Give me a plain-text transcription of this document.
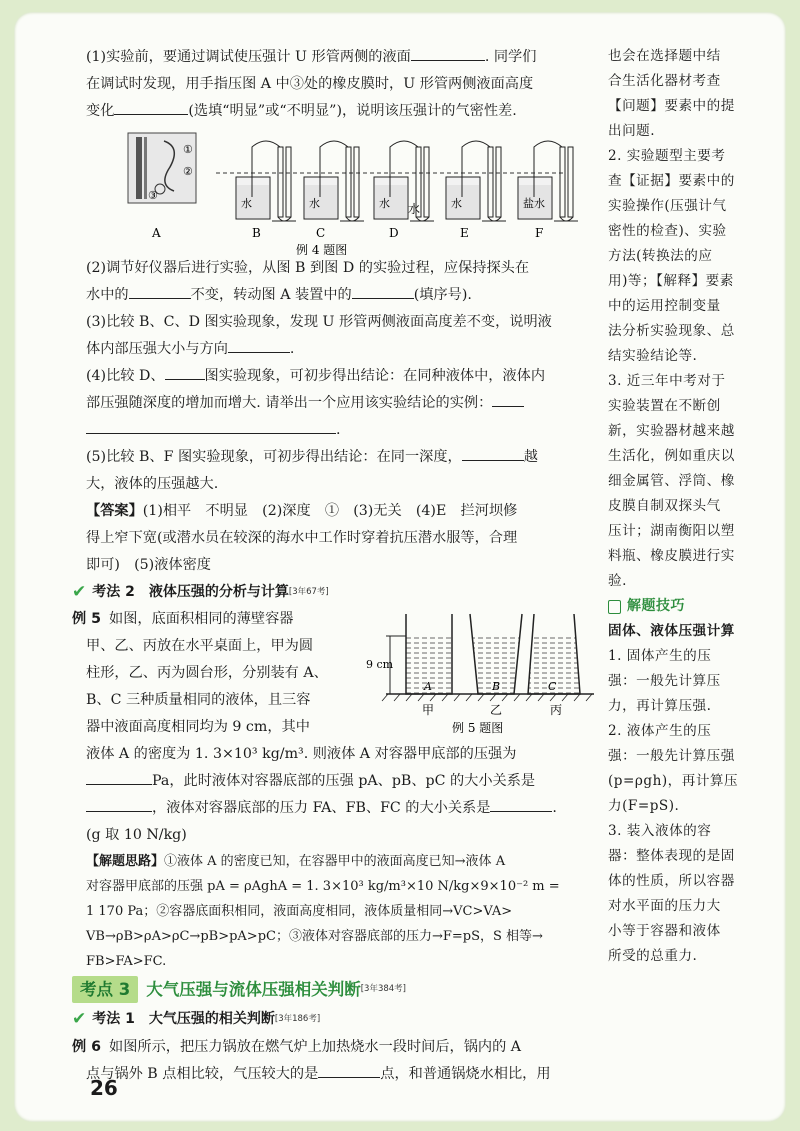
(1)实验前，要通过调试使压强计 U 形管两侧的液面	. 同学们

在调试时发现，用手指压图 A 中③处的橡皮膜时，U 形管两侧液面高度

变化	(选填“明显”或“不明显”)，说明该压强计的气密性差.

①
②
③
水	水	水	水	盐水
A	B	C	D	E	F
水
例 4 题图

(2)调节好仪器后进行实验，从图 B 到图 D 的实验过程，应保持探头在

水中的	不变，转动图 A 装置中的	(填序号).

(3)比较 B、C、D 图实验现象，发现 U 形管两侧液面高度差不变，说明液

体内部压强大小与方向	.

(4)比较 D、	图实验现象，可初步得出结论：在同种液体中，液体内

部压强随深度的增加而增大. 请举出一个应用该实验结论的实例：

.

(5)比较 B、F 图实验现象，可初步得出结论：在同一深度，	越

大，液体的压强越大.

【答案】(1)相平　不明显　(2)深度　①　(3)无关　(4)E　拦河坝修

得上窄下宽(或潜水员在较深的海水中工作时穿着抗压潜水服等，合理

即可)　(5)液体密度

✔ 考法 2　液体压强的分析与计算 [3年67考]

例 5 如图，底面积相同的薄壁容器

甲、乙、丙放在水平桌面上，甲为圆

柱形，乙、丙为圆台形，分别装有 A、

B、C 三种质量相同的液体，且三容

器中液面高度相同均为 9 cm，其中

9 cm
A	B	C
甲	乙	丙
例 5 题图

液体 A 的密度为 1. 3×10³ kg/m³. 则液体 A 对容器甲底部的压强为

Pa，此时液体对容器底部的压强 pA、pB、pC 的大小关系是

，液体对容器底部的压力 FA、FB、FC 的大小关系是	.

(g 取 10 N/kg)

【解题思路】①液体 A 的密度已知，在容器甲中的液面高度已知→液体 A

对容器甲底部的压强 pA = ρAghA = 1. 3×10³ kg/m³×10 N/kg×9×10⁻² m =

1 170 Pa；②容器底面积相同，液面高度相同，液体质量相同→VC>VA>

VB→ρB>ρA>ρC→pB>pA>pC；③液体对容器底部的压力→F=pS，S 相等→

FB>FA>FC.

考点 3 大气压强与流体压强相关判断 [3年384考]
✔ 考法 1　大气压强的相关判断 [3年186考]

例 6 如图所示，把压力锅放在燃气炉上加热烧水一段时间后，锅内的 A

点与锅外 B 点相比较，气压较大的是	点，和普通锅烧水相比，用

也会在选择题中结
合生活化器材考查
【问题】要素中的提
出问题.
2. 实验题型主要考
查【证据】要素中的
实验操作(压强计气
密性的检查)、实验
方法(转换法的应
用)等；【解释】要素
中的运用控制变量
法分析实验现象、总
结实验结论等.
3. 近三年中考对于
实验装置在不断创
新，实验器材越来越
生活化，例如重庆以
细金属管、浮筒、橡
皮膜自制双探头气
压计；湖南衡阳以塑
料瓶、橡皮膜进行实
验.
解题技巧
固体、液体压强计算
1. 固体产生的压
强：一般先计算压
力，再计算压强.
2. 液体产生的压
强：一般先计算压强
(p=ρgh)，再计算压
力(F=pS).
3. 装入液体的容
器：整体表现的是固
体的性质，所以容器
对水平面的压力大
小等于容器和液体
所受的总重力.
26
